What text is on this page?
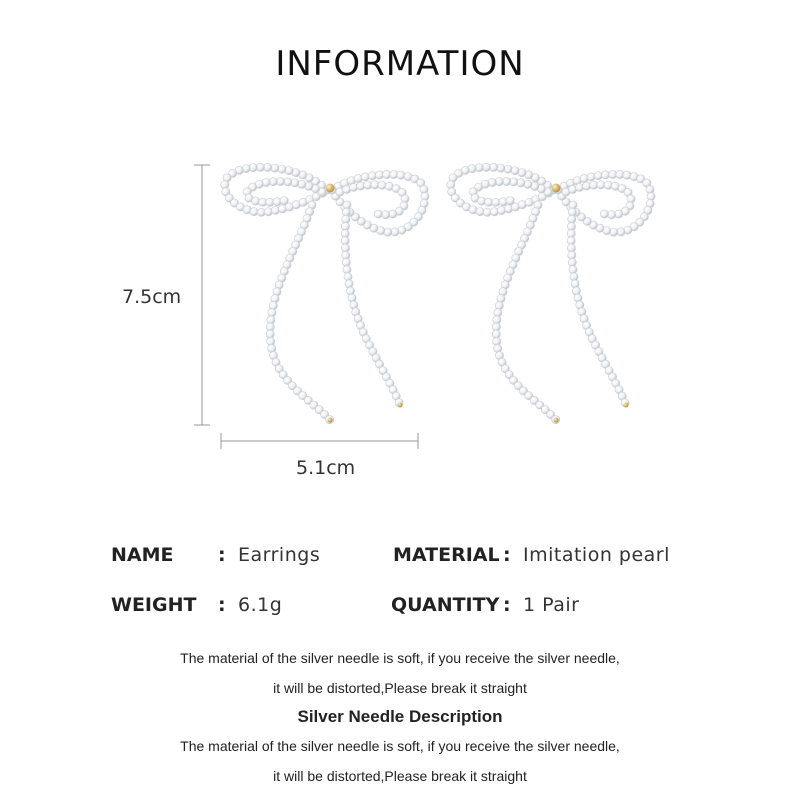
INFORMATION
7.5cm
5.1cm
NAME : Earrings	MATERIAL : Imitation pearl
WEIGHT : 6.1g	QUANTITY : 1 Pair
The material of the silver needle is soft, if you receive the silver needle,
it will be distorted,Please break it straight
Silver Needle Description
The material of the silver needle is soft, if you receive the silver needle,
it will be distorted,Please break it straight
